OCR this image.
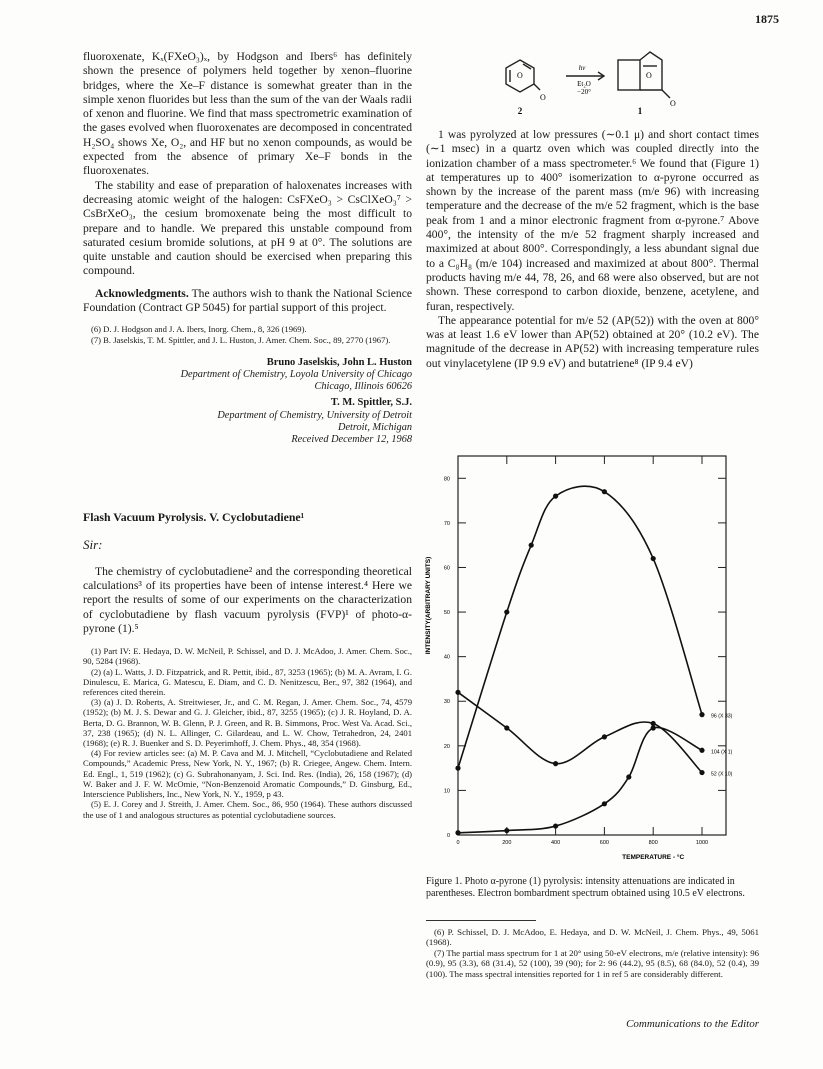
1875

fluoroxenate, Kₓ(FXeO₃)ₓ, by Hodgson and Ibers⁶ has definitely shown the presence of polymers held together by xenon–fluorine bridges, where the Xe–F distance is somewhat greater than in the simple xenon fluorides but less than the sum of the van der Waals radii of xenon and fluorine. We find that mass spectrometric examination of the gases evolved when fluoroxenates are decomposed in concentrated H₂SO₄ shows Xe, O₂, and HF but no xenon compounds, as would be expected from the absence of primary Xe–F bonds in the fluoroxenates.

The stability and ease of preparation of haloxenates increases with decreasing atomic weight of the halogen: CsFXeO₃ > CsClXeO₃⁷ > CsBrXeO₃, the cesium bromoxenate being the most difficult to prepare and to handle. We prepared this unstable compound from saturated cesium bromide solutions, at pH 9 at 0°. The solutions are quite unstable and caution should be exercised when preparing this compound.

Acknowledgments. The authors wish to thank the National Science Foundation (Contract GP 5045) for partial support of this project.

(6) D. J. Hodgson and J. A. Ibers, Inorg. Chem., 8, 326 (1969).

(7) B. Jaselskis, T. M. Spittler, and J. L. Huston, J. Amer. Chem. Soc., 89, 2770 (1967).

Bruno Jaselskis, John L. Huston
Department of Chemistry, Loyola University of Chicago
Chicago, Illinois 60626
T. M. Spittler, S.J.
Department of Chemistry, University of Detroit
Detroit, Michigan
Received December 12, 1968
Flash Vacuum Pyrolysis. V. Cyclobutadiene¹
Sir:

The chemistry of cyclobutadiene² and the corresponding theoretical calculations³ of its properties have been of intense interest.⁴ Here we report the results of some of our experiments on the characterization of cyclobutadiene by flash vacuum pyrolysis (FVP)¹ of photo-α-pyrone (1).⁵

(1) Part IV: E. Hedaya, D. W. McNeil, P. Schissel, and D. J. McAdoo, J. Amer. Chem. Soc., 90, 5284 (1968).

(2) (a) L. Watts, J. D. Fitzpatrick, and R. Pettit, ibid., 87, 3253 (1965); (b) M. A. Avram, I. G. Dinulescu, E. Marica, G. Matescu, E. Diam, and C. D. Nenitzescu, Ber., 97, 382 (1964), and references cited therein.

(3) (a) J. D. Roberts, A. Streitwieser, Jr., and C. M. Regan, J. Amer. Chem. Soc., 74, 4579 (1952); (b) M. J. S. Dewar and G. J. Gleicher, ibid., 87, 3255 (1965); (c) J. R. Hoyland, D. A. Berta, D. G. Brannon, W. B. Glenn, P. J. Green, and R. B. Simmons, Proc. West Va. Acad. Sci., 37, 238 (1965); (d) N. L. Allinger, C. Gilardeau, and L. W. Chow, Tetrahedron, 24, 2401 (1968); (e) R. J. Buenker and S. D. Peyerimhoff, J. Chem. Phys., 48, 354 (1968).

(4) For review articles see: (a) M. P. Cava and M. J. Mitchell, “Cyclobutadiene and Related Compounds,” Academic Press, New York, N. Y., 1967; (b) R. Criegee, Angew. Chem. Intern. Ed. Engl., 1, 519 (1962); (c) G. Subrahonanyam, J. Sci. Ind. Res. (India), 26, 158 (1967); (d) W. Baker and J. F. W. McOmie, “Non-Benzenoid Aromatic Compounds,” D. Ginsburg, Ed., Interscience Publishers, Inc., New York, N. Y., 1959, p 43.

(5) E. J. Corey and J. Streith, J. Amer. Chem. Soc., 86, 950 (1964). These authors discussed the use of 1 and analogous structures as potential cyclobutadiene sources.

O
O
O
O
hν
Et₂O
−20°
2	1

1 was pyrolyzed at low pressures (∼0.1 μ) and short contact times (∼1 msec) in a quartz oven which was coupled directly into the ionization chamber of a mass spectrometer.⁶ We found that (Figure 1) at temperatures up to 400° isomerization to α-pyrone occurred as shown by the increase of the parent mass (m/e 96) with increasing temperature and the decrease of the m/e 52 fragment, which is the base peak from 1 and a minor electronic fragment from α-pyrone.⁷ Above 400°, the intensity of the m/e 52 fragment sharply increased and maximized at about 800°. Correspondingly, a less abundant signal due to a C₈H₈ (m/e 104) increased and maximized at about 800°. Thermal products having m/e 44, 78, 26, and 68 were also observed, but are not shown. These correspond to carbon dioxide, benzene, acetylene, and furan, respectively.

The appearance potential for m/e 52 (AP(52)) with the oven at 800° was at least 1.6 eV lower than AP(52) obtained at 20° (10.2 eV). The magnitude of the decrease in AP(52) with increasing temperature rules out vinylacetylene (IP 9.9 eV) and butatriene⁸ (IP 9.4 eV)

0
10
20
30
40
50
60
70
80
0	200	400	600	800	1000
96 (X 33)
104 (X 1)
52 (X 10)
INTENSITY(ARBITRARY UNITS)
TEMPERATURE - °C
Figure 1. Photo α-pyrone (1) pyrolysis: intensity attenuations are indicated in parentheses. Electron bombardment spectrum obtained using 10.5 eV electrons.

(6) P. Schissel, D. J. McAdoo, E. Hedaya, and D. W. McNeil, J. Chem. Phys., 49, 5061 (1968).

(7) The partial mass spectrum for 1 at 20° using 50-eV electrons, m/e (relative intensity): 96 (0.9), 95 (3.3), 68 (31.4), 52 (100), 39 (90); for 2: 96 (44.2), 95 (8.5), 68 (84.0), 52 (0.4), 39 (100). The mass spectral intensities reported for 1 in ref 5 are considerably different.

Communications to the Editor
